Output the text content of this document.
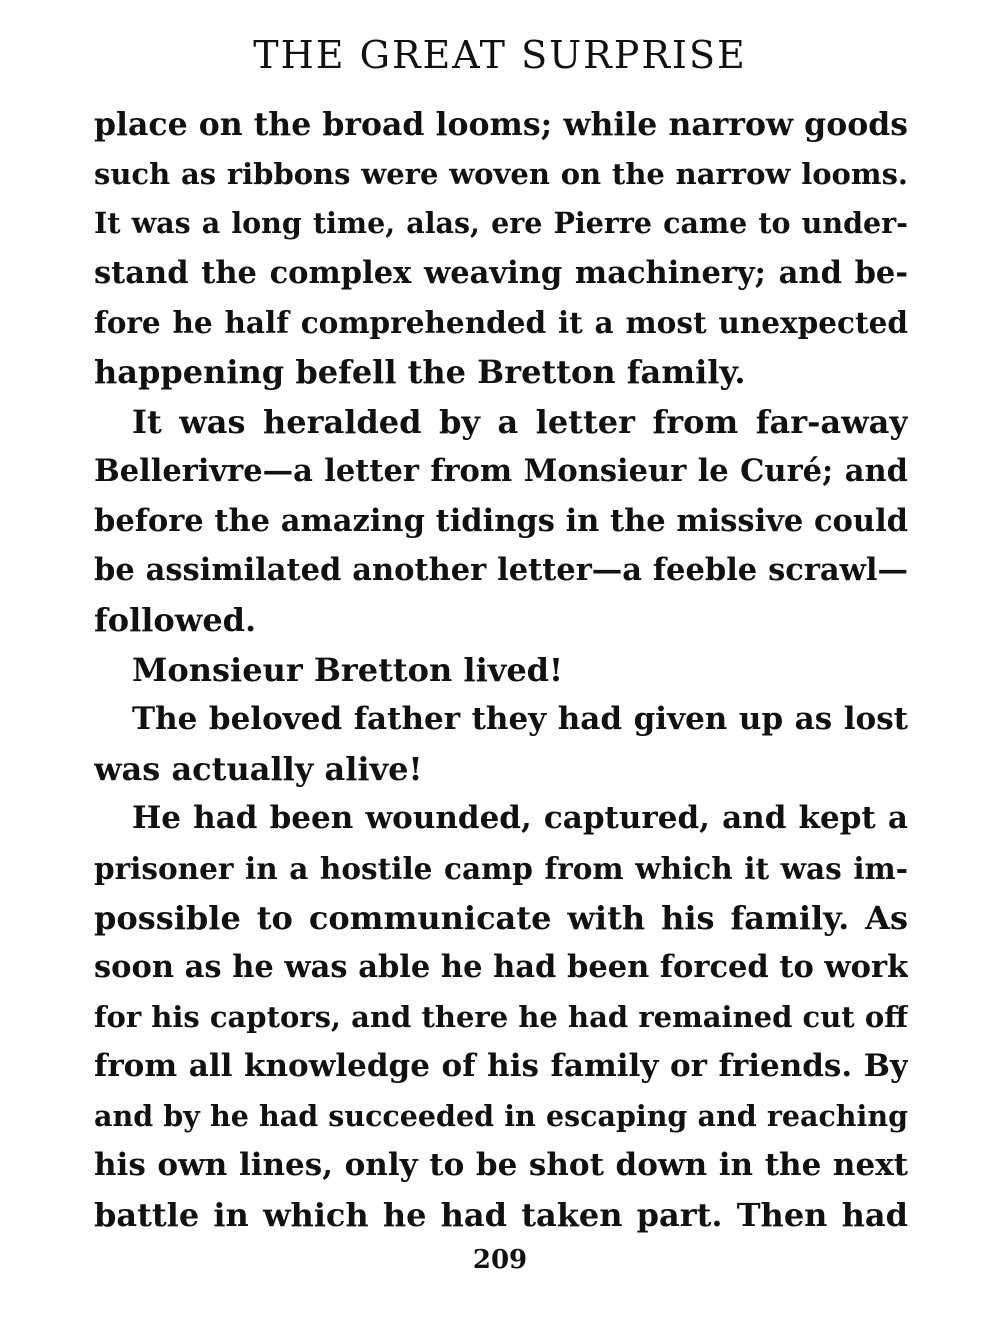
THE GREAT SURPRISE
place on the broad looms; while narrow goods
such as ribbons were woven on the narrow looms.
It was a long time, alas, ere Pierre came to under-
stand the complex weaving machinery; and be-
fore he half comprehended it a most unexpected
happening befell the Bretton family.
It was heralded by a letter from far-away
Bellerivre—a letter from Monsieur le Curé; and
before the amazing tidings in the missive could
be assimilated another letter—a feeble scrawl—
followed.
Monsieur Bretton lived!
The beloved father they had given up as lost
was actually alive!
He had been wounded, captured, and kept a
prisoner in a hostile camp from which it was im-
possible to communicate with his family. As
soon as he was able he had been forced to work
for his captors, and there he had remained cut off
from all knowledge of his family or friends. By
and by he had succeeded in escaping and reaching
his own lines, only to be shot down in the next
battle in which he had taken part. Then had
209
